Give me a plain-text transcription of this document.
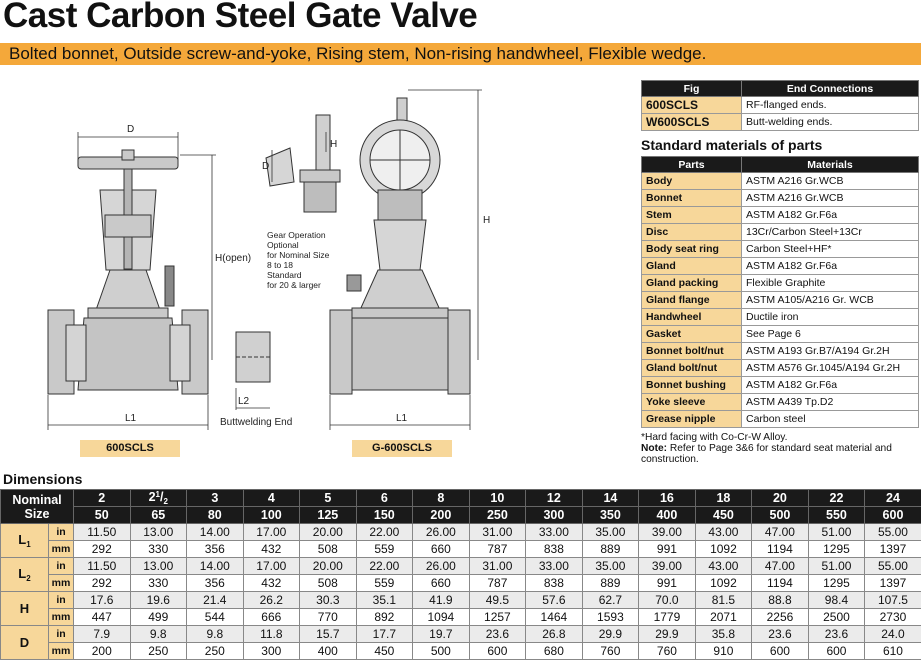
Cast Carbon Steel Gate Valve
Bolted bonnet, Outside screw-and-yoke, Rising stem, Non-rising handwheel, Flexible wedge.
D
H(open)
L1
D
H
L2
Buttwelding End
H
L1
Gear Operation
Optional
for Nominal Size
8 to 18
Standard
for 20 & larger
600SCLS	G-600SCLS
Fig	End Connections
600SCLS	RF-flanged ends.
W600SCLS	Butt-welding ends.
Standard materials of parts
Parts	Materials
Body	ASTM A216 Gr.WCB
Bonnet	ASTM A216 Gr.WCB
Stem	ASTM A182 Gr.F6a
Disc	13Cr/Carbon Steel+13Cr
Body seat ring	Carbon Steel+HF*
Gland	ASTM A182 Gr.F6a
Gland packing	Flexible Graphite
Gland flange	ASTM A105/A216 Gr. WCB
Handwheel	Ductile iron
Gasket	See Page 6
Bonnet bolt/nut	ASTM A193 Gr.B7/A194 Gr.2H
Gland bolt/nut	ASTM A576 Gr.1045/A194 Gr.2H
Bonnet bushing	ASTM A182 Gr.F6a
Yoke sleeve	ASTM A439 Tp.D2
Grease nipple	Carbon steel
*Hard facing with Co-Cr-W Alloy.
Note: Refer to Page 3&6 for standard seat material and construction.
Dimensions
Nominal
Size		2	$2^1/_2$	3	4	5	6	8	10	12	14	16	18	20	22	24
		50	65	80	100	125	150	200	250	300	350	400	450	500	550	600
$L_1$	in	11.50	13.00	14.00	17.00	20.00	22.00	26.00	31.00	33.00	35.00	39.00	43.00	47.00	51.00	55.00
	mm	292	330	356	432	508	559	660	787	838	889	991	1092	1194	1295	1397
$L_2$	in	11.50	13.00	14.00	17.00	20.00	22.00	26.00	31.00	33.00	35.00	39.00	43.00	47.00	51.00	55.00
	mm	292	330	356	432	508	559	660	787	838	889	991	1092	1194	1295	1397
H	in	17.6	19.6	21.4	26.2	30.3	35.1	41.9	49.5	57.6	62.7	70.0	81.5	88.8	98.4	107.5
	mm	447	499	544	666	770	892	1094	1257	1464	1593	1779	2071	2256	2500	2730
D	in	7.9	9.8	9.8	11.8	15.7	17.7	19.7	23.6	26.8	29.9	29.9	35.8	23.6	23.6	24.0
	mm	200	250	250	300	400	450	500	600	680	760	760	910	600	600	610
